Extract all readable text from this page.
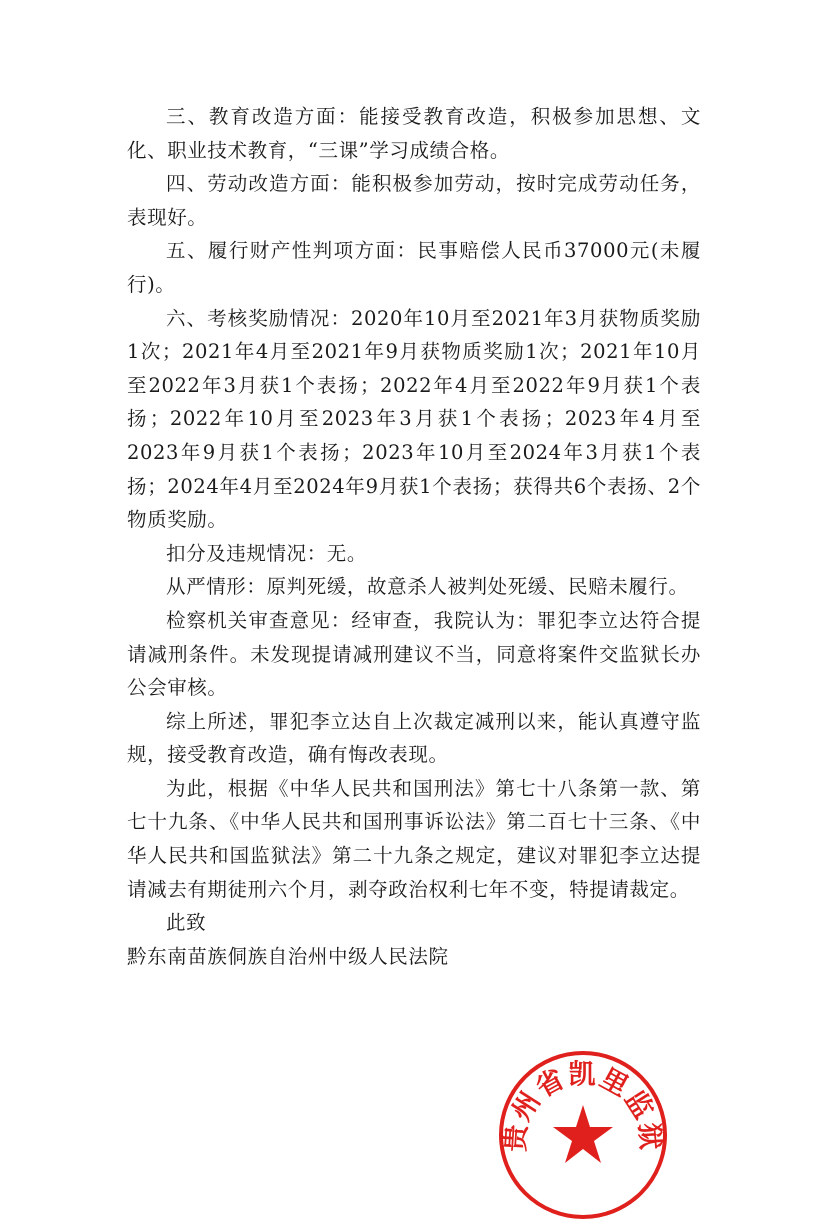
三、教育改造方面：能接受教育改造，积极参加思想、文化、职业技术教育，“三课”学习成绩合格。

四、劳动改造方面：能积极参加劳动，按时完成劳动任务，表现好。

五、履行财产性判项方面：民事赔偿人民币37000元(未履行)。

六、考核奖励情况：2020年10月至2021年3月获物质奖励1次；2021年4月至2021年9月获物质奖励1次；2021年10月至2022年3月获1个表扬；2022年4月至2022年9月获1个表扬；2022年10月至2023年3月获1个表扬；2023年4月至2023年9月获1个表扬；2023年10月至2024年3月获1个表扬；2024年4月至2024年9月获1个表扬；获得共6个表扬、2个物质奖励。

扣分及违规情况：无。

从严情形：原判死缓，故意杀人被判处死缓、民赔未履行。

检察机关审查意见：经审查，我院认为：罪犯李立达符合提请减刑条件。未发现提请减刑建议不当，同意将案件交监狱长办公会审核。

综上所述，罪犯李立达自上次裁定减刑以来，能认真遵守监规，接受教育改造，确有悔改表现。

为此，根据《中华人民共和国刑法》第七十八条第一款、第七十九条、《中华人民共和国刑事诉讼法》第二百七十三条、《中华人民共和国监狱法》第二十九条之规定，建议对罪犯李立达提请减去有期徒刑六个月，剥夺政治权利七年不变，特提请裁定。

此致

黔东南苗族侗族自治州中级人民法院

贵州省凯里监狱
